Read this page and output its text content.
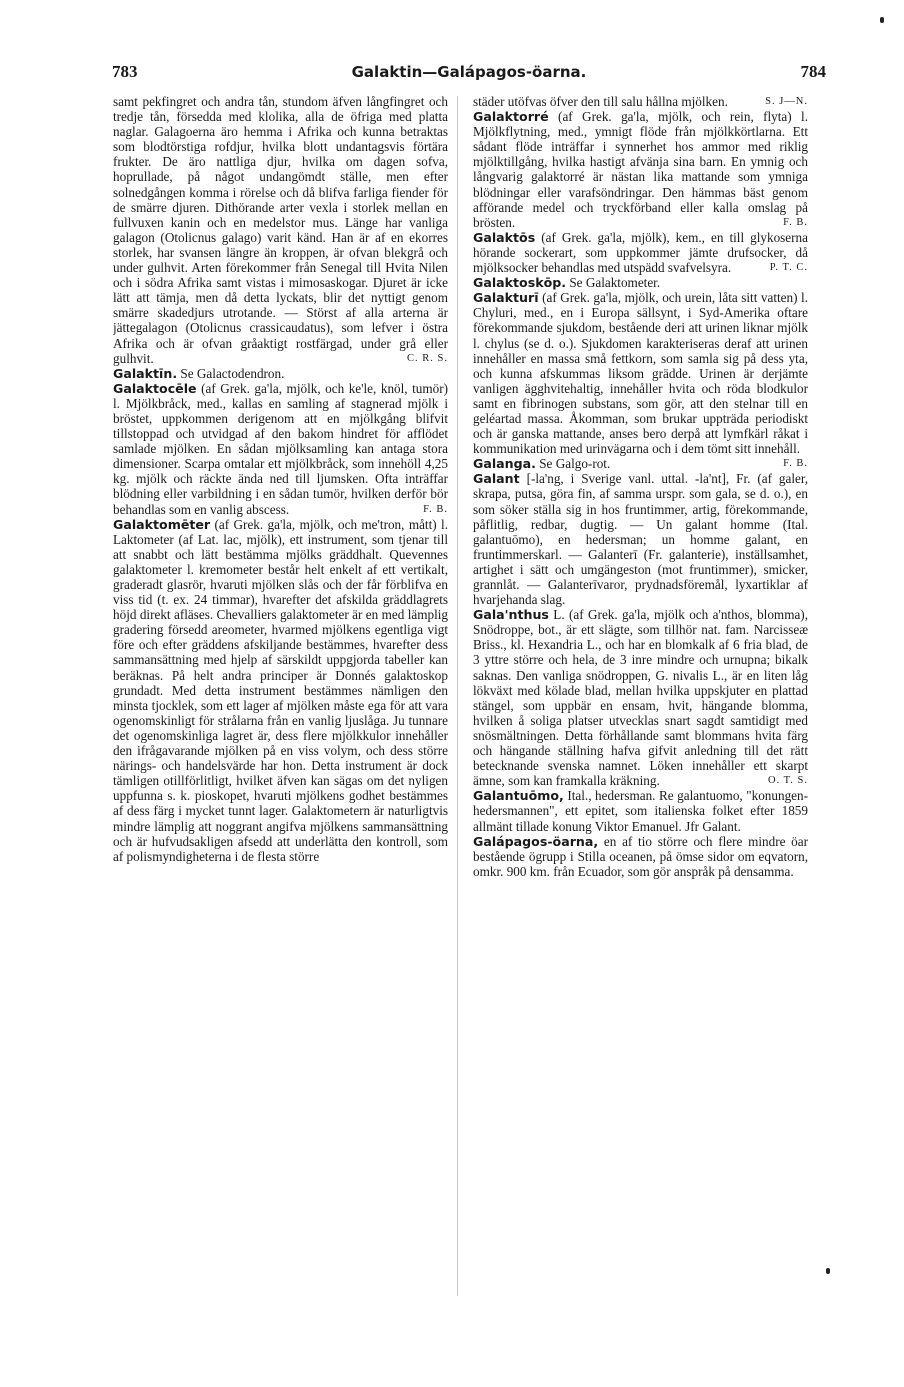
783	Galaktin—Galápagos-öarna.	784

samt pekfingret och andra tån, stundom äfven långfingret och tredje tån, försedda med klolika, alla de öfriga med platta naglar. Galagoerna äro hemma i Afrika och kunna betraktas som blodtörstiga rofdjur, hvilka blott undantagsvis förtära frukter. De äro nattliga djur, hvilka om dagen sofva, hoprullade, på något undangömdt ställe, men efter solnedgången komma i rörelse och då blifva farliga fiender för de smärre djuren. Dithörande arter vexla i storlek mellan en fullvuxen kanin och en medelstor mus. Länge har vanliga galagon (Otolicnus galago) varit känd. Han är af en ekorres storlek, har svansen längre än kroppen, är ofvan blekgrå och under gulhvit. Arten förekommer från Senegal till Hvita Nilen och i södra Afrika samt vistas i mimosaskogar. Djuret är icke lätt att tämja, men då detta lyckats, blir det nyttigt genom smärre skadedjurs utrotande. — Störst af alla arterna är jättegalagon (Otolicnus crassicaudatus), som lefver i östra Afrika och är ofvan gråaktigt rostfärgad, under grå eller gulhvit.	C. R. S.

Galaktīn. Se Galactodendron.

Galaktocēle (af Grek. ga'la, mjölk, och ke'le, knöl, tumör) l. Mjölkbråck, med., kallas en samling af stagnerad mjölk i bröstet, uppkommen derigenom att en mjölkgång blifvit tillstoppad och utvidgad af den bakom hindret för afflödet samlade mjölken. En sådan mjölksamling kan antaga stora dimensioner. Scarpa omtalar ett mjölkbråck, som innehöll 4,25 kg. mjölk och räckte ända ned till ljumsken. Ofta inträffar blödning eller varbildning i en sådan tumör, hvilken derför bör behandlas som en vanlig abscess.	F. B.

Galaktomēter (af Grek. ga'la, mjölk, och me'tron, mått) l. Laktometer (af Lat. lac, mjölk), ett instrument, som tjenar till att snabbt och lätt bestämma mjölks gräddhalt. Quevennes galaktometer l. kremometer består helt enkelt af ett vertikalt, graderadt glasrör, hvaruti mjölken slås och der får förblifva en viss tid (t. ex. 24 timmar), hvarefter det afskilda gräddlagrets höjd direkt afläses. Chevalliers galaktometer är en med lämplig gradering försedd areometer, hvarmed mjölkens egentliga vigt före och efter gräddens afskiljande bestämmes, hvarefter dess sammansättning med hjelp af särskildt uppgjorda tabeller kan beräknas. På helt andra principer är Donnés galaktoskop grundadt. Med detta instrument bestämmes nämligen den minsta tjocklek, som ett lager af mjölken måste ega för att vara ogenomskinligt för strålarna från en vanlig ljuslåga. Ju tunnare det ogenomskinliga lagret är, dess flere mjölkkulor innehåller den ifrågavarande mjölken på en viss volym, och dess större närings- och handelsvärde har hon. Detta instrument är dock tämligen otillförlitligt, hvilket äfven kan sägas om det nyligen uppfunna s. k. pioskopet, hvaruti mjölkens godhet bestämmes af dess färg i mycket tunnt lager. Galaktometern är naturligtvis mindre lämplig att noggrant angifva mjölkens sammansättning och är hufvudsakligen afsedd att underlätta den kontroll, som af polismyndigheterna i de flesta större

städer utöfvas öfver den till salu hållna mjölken.	S. J—N.

Galaktorré (af Grek. ga'la, mjölk, och rein, flyta) l. Mjölkflytning, med., ymnigt flöde från mjölkkörtlarna. Ett sådant flöde inträffar i synnerhet hos ammor med riklig mjölktillgång, hvilka hastigt afvänja sina barn. En ymnig och långvarig galaktorré är nästan lika mattande som ymniga blödningar eller varafsöndringar. Den hämmas bäst genom afförande medel och tryckförband eller kalla omslag på brösten.	F. B.

Galaktōs (af Grek. ga'la, mjölk), kem., en till glykoserna hörande sockerart, som uppkommer jämte drufsocker, då mjölksocker behandlas med utspädd svafvelsyra.	P. T. C.

Galaktoskōp. Se Galaktometer.

Galakturī (af Grek. ga'la, mjölk, och urein, låta sitt vatten) l. Chyluri, med., en i Europa sällsynt, i Syd-Amerika oftare förekommande sjukdom, bestående deri att urinen liknar mjölk l. chylus (se d. o.). Sjukdomen karakteriseras deraf att urinen innehåller en massa små fettkorn, som samla sig på dess yta, och kunna afskummas liksom grädde. Urinen är derjämte vanligen ägghvitehaltig, innehåller hvita och röda blodkulor samt en fibrinogen substans, som gör, att den stelnar till en geléartad massa. Åkomman, som brukar uppträda periodiskt och är ganska mattande, anses bero derpå att lymfkärl råkat i kommunikation med urinvägarna och i dem tömt sitt innehåll.
F. B.

Galanga. Se Galgo-rot.

Galant [-la'ng, i Sverige vanl. uttal. -la'nt], Fr. (af galer, skrapa, putsa, göra fin, af samma urspr. som gala, se d. o.), en som söker ställa sig in hos fruntimmer, artig, förekommande, påflitlig, redbar, dugtig. — Un galant homme (Ital. galantuōmo), en hedersman; un homme galant, en fruntimmerskarl. — Galanterī (Fr. galanterie), inställsamhet, artighet i sätt och umgängeston (mot fruntimmer), smicker, grannlåt. — Galanterīvaror, prydnadsföremål, lyxartiklar af hvarjehanda slag.

Gala'nthus L. (af Grek. ga'la, mjölk och a'nthos, blomma), Snödroppe, bot., är ett slägte, som tillhör nat. fam. Narcisseæ Briss., kl. Hexandria L., och har en blomkalk af 6 fria blad, de 3 yttre större och hela, de 3 inre mindre och urnupna; bikalk saknas. Den vanliga snödroppen, G. nivalis L., är en liten låg lökväxt med kölade blad, mellan hvilka uppskjuter en plattad stängel, som uppbär en ensam, hvit, hängande blomma, hvilken å soliga platser utvecklas snart sagdt samtidigt med snösmältningen. Detta förhållande samt blommans hvita färg och hängande ställning hafva gifvit anledning till det rätt betecknande svenska namnet. Löken innehåller ett skarpt ämne, som kan framkalla kräkning.	O. T. S.

Galantuōmo, Ital., hedersman. Re galantuomo, "konungen-hedersmannen", ett epitet, som italienska folket efter 1859 allmänt tillade konung Viktor Emanuel. Jfr Galant.

Galápagos-öarna, en af tio större och flere mindre öar bestående ögrupp i Stilla oceanen, på ömse sidor om eqvatorn, omkr. 900 km. från Ecuador, som gör anspråk på densamma.
